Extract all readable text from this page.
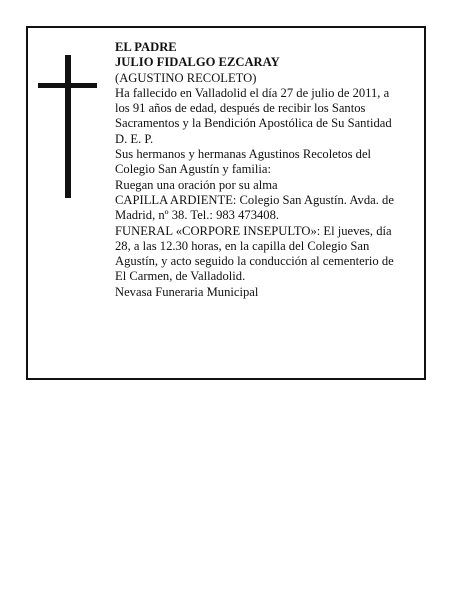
EL PADRE
JULIO FIDALGO EZCARAY
(AGUSTINO RECOLETO)
Ha fallecido en Valladolid el día 27 de julio de 2011, a
los 91 años de edad, después de recibir los Santos
Sacramentos y la Bendición Apostólica de Su Santidad
D. E. P.
Sus hermanos y hermanas Agustinos Recoletos del
Colegio San Agustín y familia:
Ruegan una oración por su alma
CAPILLA ARDIENTE: Colegio San Agustín. Avda. de
Madrid, nº 38. Tel.: 983 473408.
FUNERAL «CORPORE INSEPULTO»: El jueves, día
28, a las 12.30 horas, en la capilla del Colegio San
Agustín, y acto seguido la conducción al cementerio de
El Carmen, de Valladolid.
Nevasa Funeraria Municipal
